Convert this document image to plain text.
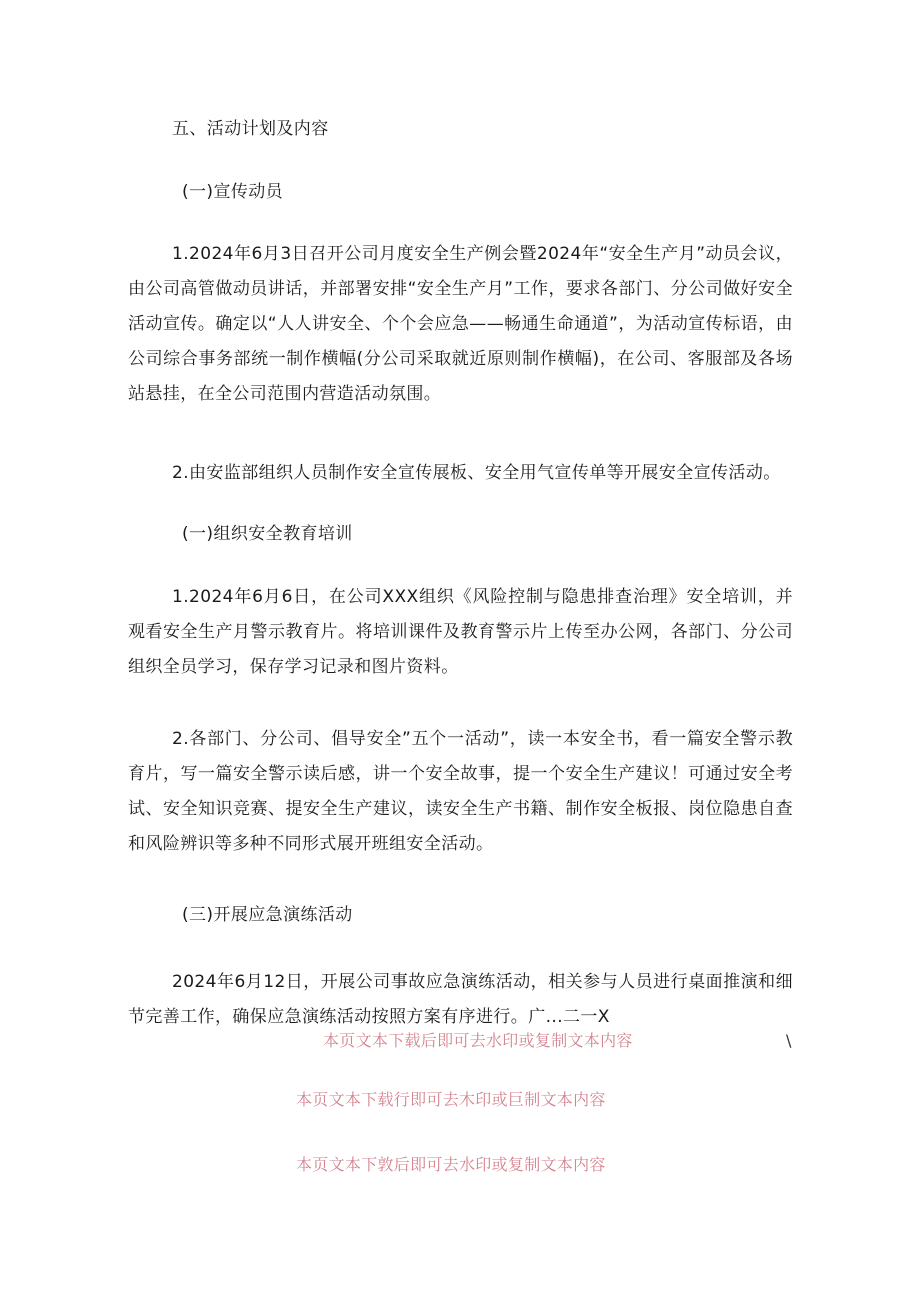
五、活动计划及内容
(一)宣传动员
1.2024年6月3日召开公司月度安全生产例会暨2024年“安全生产月”动员会议，由公司高管做动员讲话，并部署安排“安全生产月”工作，要求各部门、分公司做好安全活动宣传。确定以“人人讲安全、个个会应急——畅通生命通道”，为活动宣传标语，由公司综合事务部统一制作横幅(分公司采取就近原则制作横幅)，在公司、客服部及各场站悬挂，在全公司范围内营造活动氛围。
2.由安监部组织人员制作安全宣传展板、安全用气宣传单等开展安全宣传活动。
(一)组织安全教育培训
1.2024年6月6日，在公司XXX组织《风险控制与隐患排查治理》安全培训，并观看安全生产月警示教育片。将培训课件及教育警示片上传至办公网，各部门、分公司组织全员学习，保存学习记录和图片资料。
2.各部门、分公司、倡导安全”五个一活动”，读一本安全书，看一篇安全警示教育片，写一篇安全警示读后感，讲一个安全故事，提一个安全生产建议！可通过安全考试、安全知识竞赛、提安全生产建议，读安全生产书籍、制作安全板报、岗位隐患自查和风险辨识等多种不同形式展开班组安全活动。
(三)开展应急演练活动
2024年6月12日，开展公司事故应急演练活动，相关参与人员进行桌面推演和细节完善工作，确保应急演练活动按照方案有序进行。广...二一X
本页文本下载后即可去水印或复制文本内容	\
本页文本下载行即可去木印或巨制文本内容
本页文本下敦后即可去水印或复制文本内容
